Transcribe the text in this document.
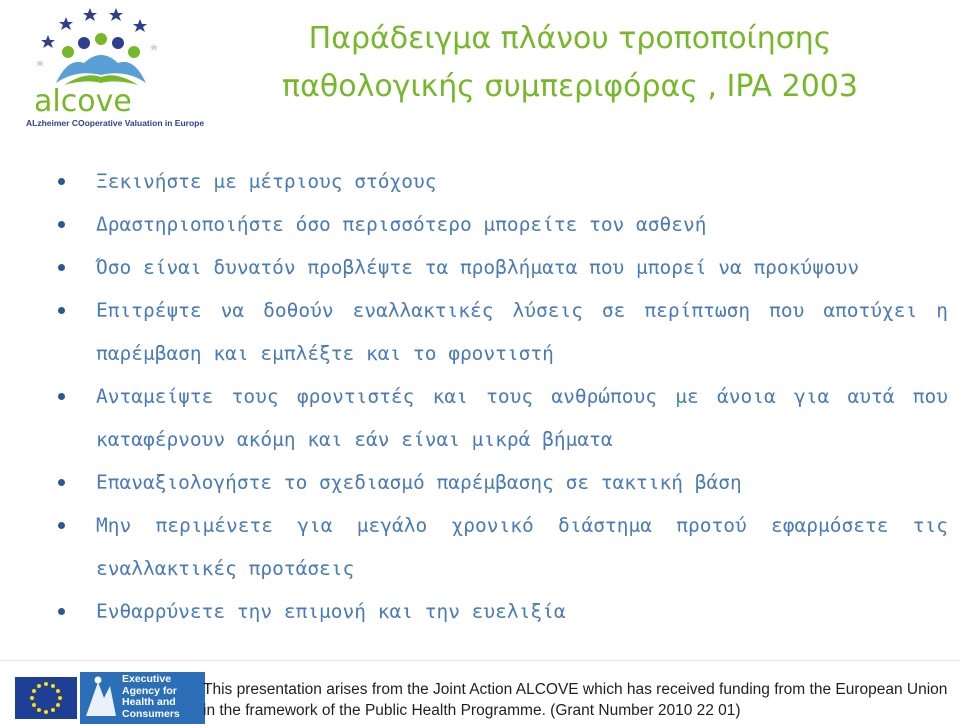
alcove
ALzheimer COoperative Valuation in Europe
Παράδειγμα πλάνου τροποποίησης
παθολογικής συμπεριφόρας , IPA 2003
Ξεκινήστε με μέτριους στόχους
Δραστηριοποιήστε όσο περισσότερο μπορείτε τον ασθενή
Όσο είναι δυνατόν προβλέψτε τα προβλήματα που μπορεί να προκύψουν
Επιτρέψτε να δοθούν εναλλακτικές λύσεις σε περίπτωση που αποτύχει η παρέμβαση και εμπλέξτε και το φροντιστή
Ανταμείψτε τους φροντιστές και τους ανθρώπους με άνοια για αυτά που καταφέρνουν ακόμη και εάν είναι μικρά βήματα
Επαναξιολογήστε το σχεδιασμό παρέμβασης σε τακτική βάση
Μην περιμένετε για μεγάλο χρονικό διάστημα προτού εφαρμόσετε τις εναλλακτικές προτάσεις
Ενθαρρύνετε την επιμονή και την ευελιξία
Executive
Agency for
Health and
Consumers
This presentation arises from the Joint Action ALCOVE which has received funding from the European Union in the framework of the Public Health Programme. (Grant Number 2010 22 01)
